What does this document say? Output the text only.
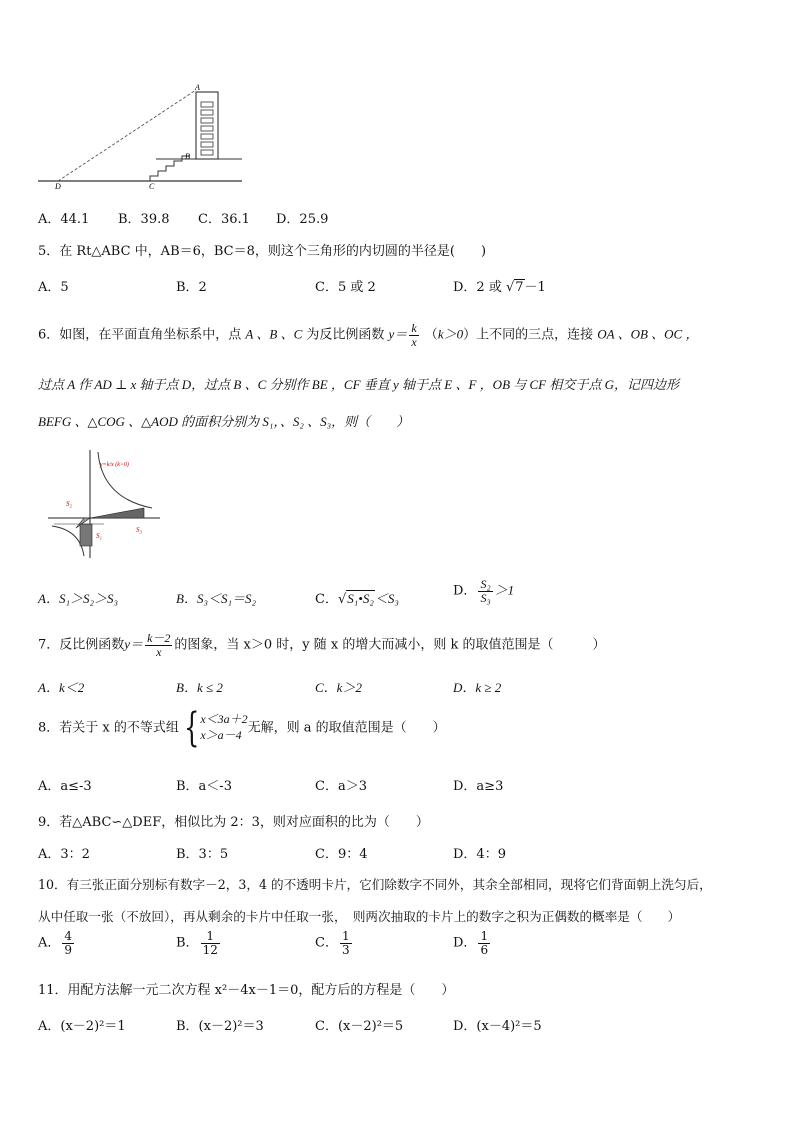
A
B
C
D
A．44.1 B．39.8 C．36.1 D．25.9
5．在 Rt△ABC 中，AB＝6，BC＝8，则这个三角形的内切圆的半径是(　　)
A．5	B．2	C．5 或 2	D．2 或 √7－1
6．如图，在平面直角坐标系中，点 A 、B 、C 为反比例函数 $y= \frac{k}{x} (k>0)$上不同的三点，连接 OA 、OB 、OC ，
过点 A 作 AD ⊥ x 轴于点 D，过点 B 、C 分别作 BE ，CF 垂直 y 轴于点 E 、F ，OB 与 CF 相交于点 G，记四边形
BEFG 、△COG 、△AOD 的面积分别为 S₁，、S₂ 、S₃，则（　　）
y=k/x (k>0)
S₂
S₁
S₃
A．S₁＞S₂＞S₃	B．S₃＜S₁＝S₂	C．√S₁•S₂＜S₃	D． $\frac{\text{S₂}}{\text{S₃}} >1$
7．反比例函数$y= \frac{k-2}{x}$ 的图象，当 x＞0 时，y 随 x 的增大而减小，则 k 的取值范围是（　　　）
A．k＜2	B．k ≤ 2	C．k＞2	D．k ≥ 2
8．若关于 x 的不等式组 { x＜3a＋2
x＞a－4 无解，则 a 的取值范围是（　　）
A．a≤-3	B．a＜-3	C．a＞3	D．a≥3
9．若△ABC∽△DEF，相似比为 2：3，则对应面积的比为（　　）
A．3：2	B．3：5	C．9：4	D．4：9
10．有三张正面分别标有数字－2，3，4 的不透明卡片，它们除数字不同外，其余全部相同，现将它们背面朝上洗匀后，
从中任取一张（不放回），再从剩余的卡片中任取一张，　则两次抽取的卡片上的数字之积为正偶数的概率是（　　）
A． $\frac{4}{9}$	B． $\frac{1}{12}$	C． $\frac{1}{3}$	D． $\frac{1}{6}$
11．用配方法解一元二次方程 x²－4x－1＝0，配方后的方程是（　　）
A．(x－2)²＝1	B．(x－2)²＝3	C．(x－2)²＝5	D．(x－4)²＝5
